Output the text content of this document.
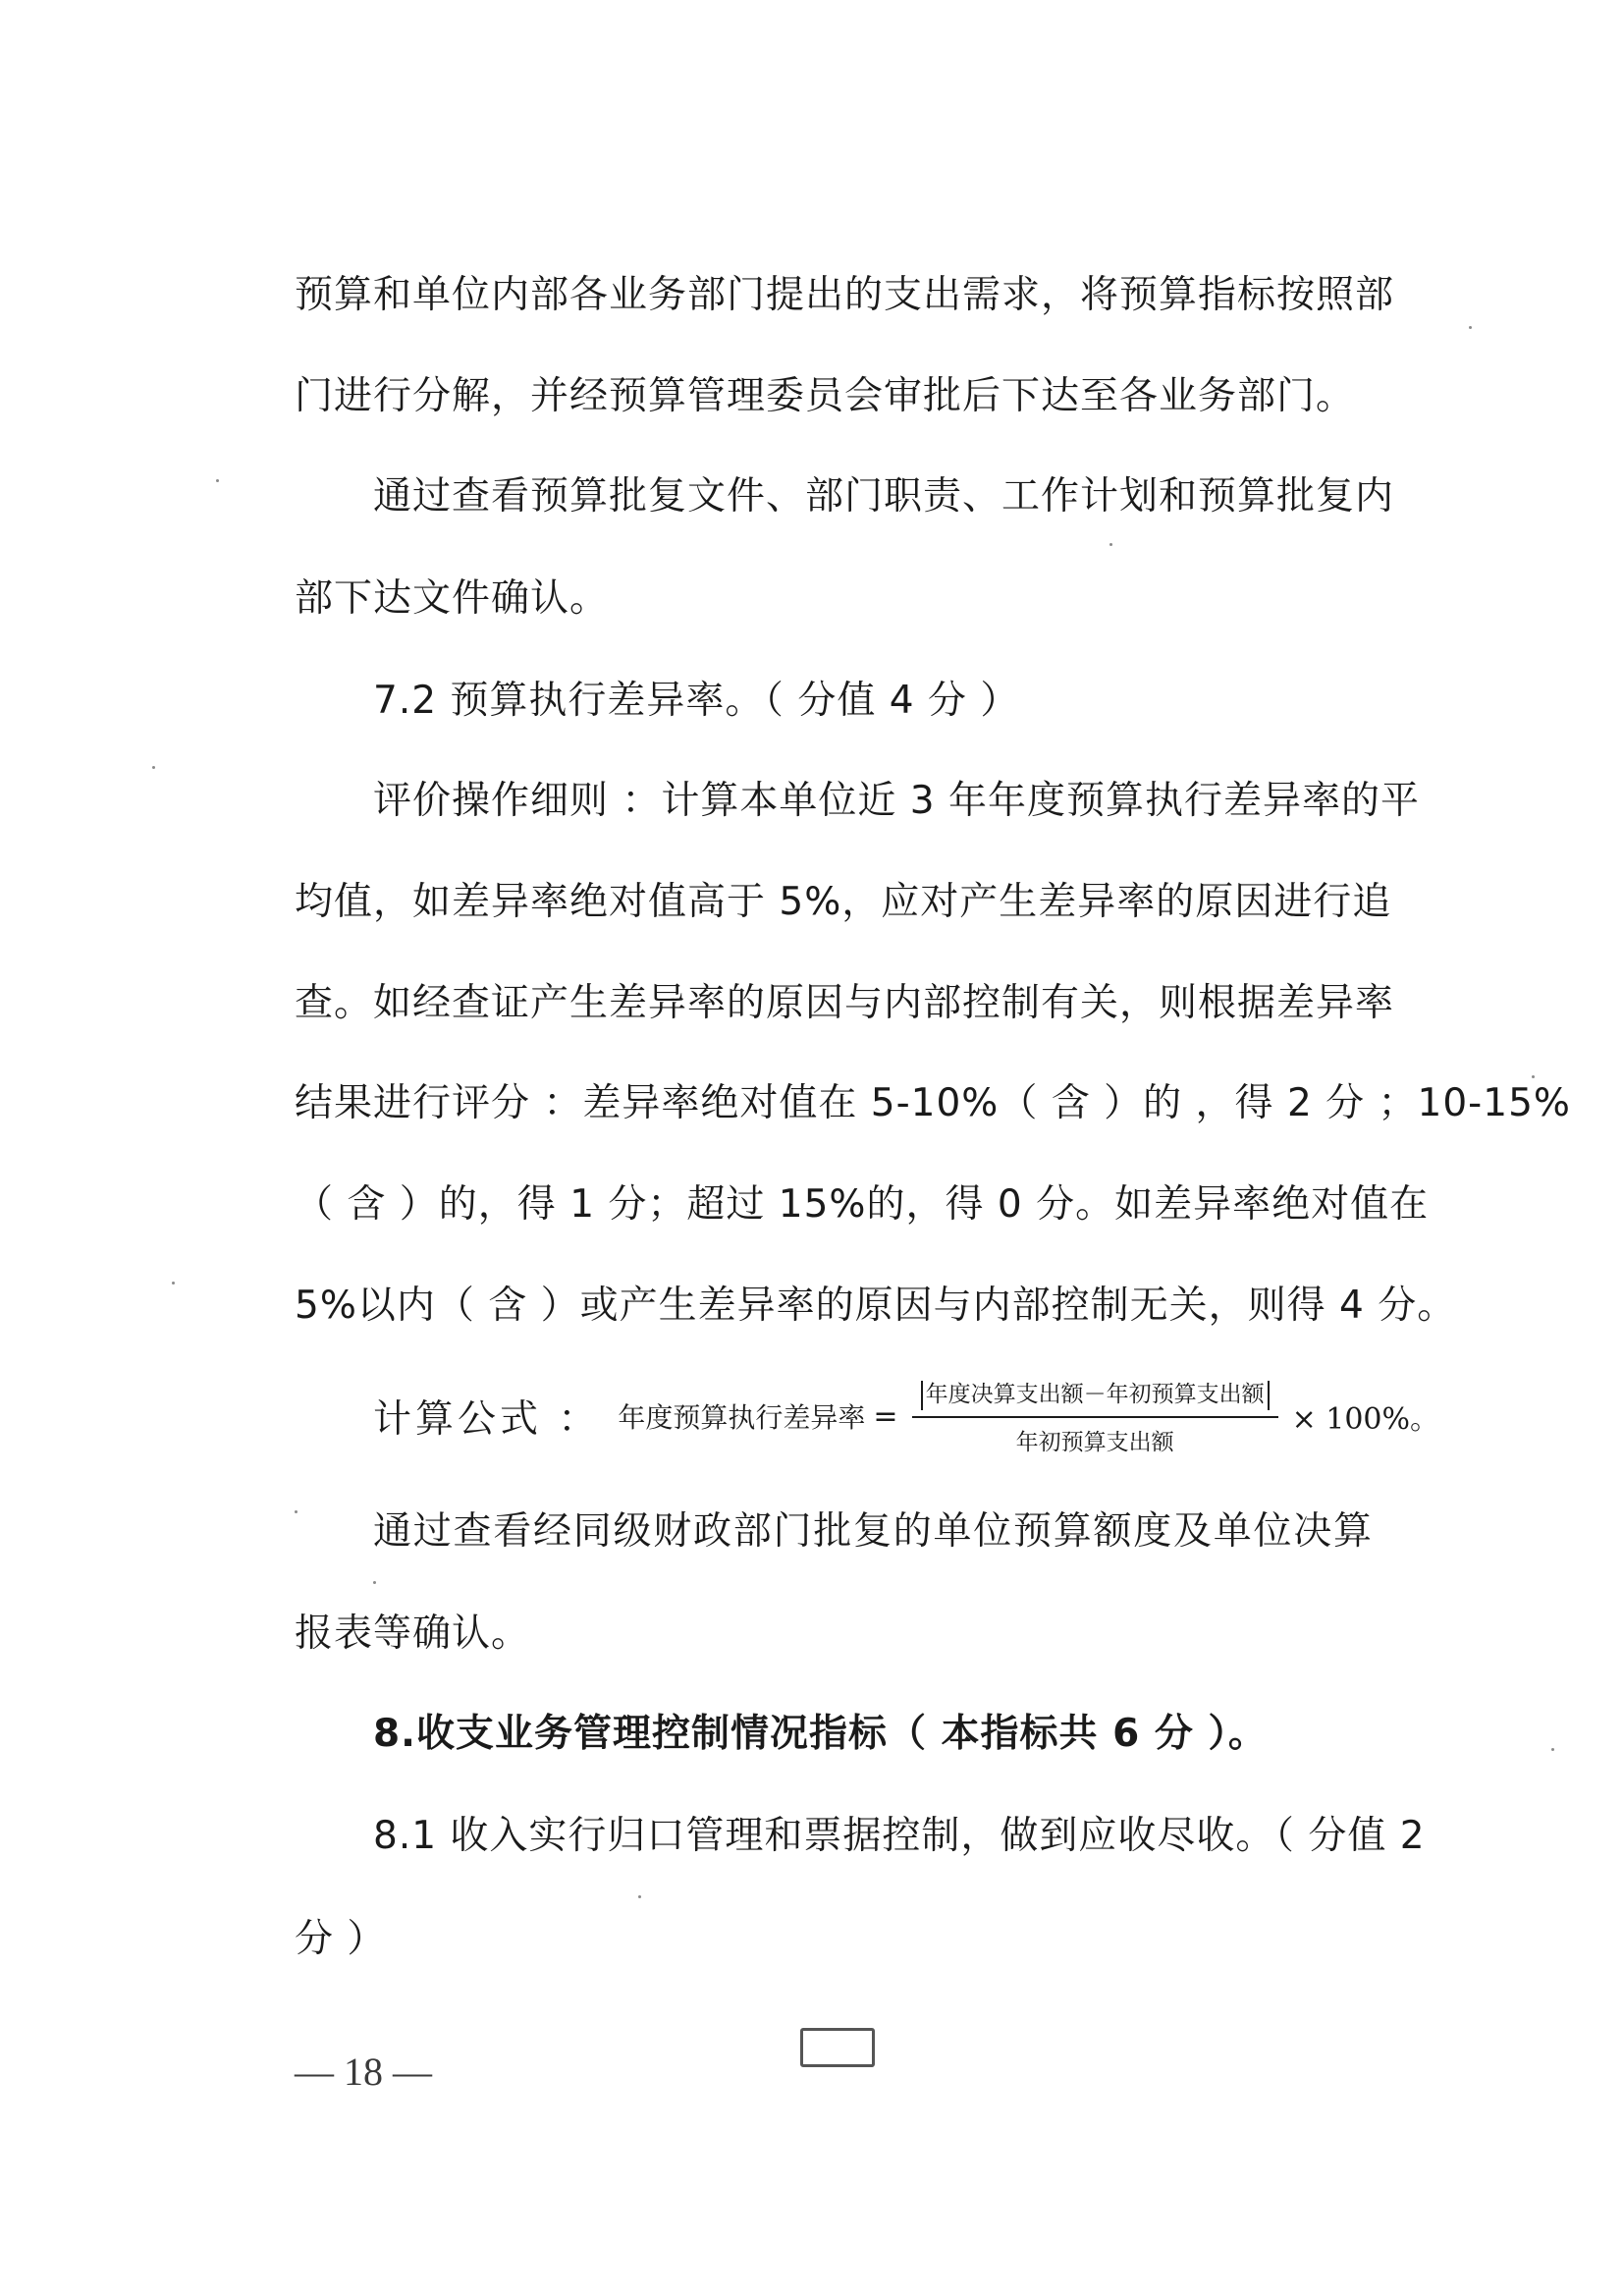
预算和单位内部各业务部门提出的支出需求，将预算指标按照部
门进行分解，并经预算管理委员会审批后下达至各业务部门。
通过查看预算批复文件、部门职责、工作计划和预算批复内
部下达文件确认。
7.2 预算执行差异率。（ 分值 4 分 ）
评价操作细则 ：计算本单位近 3 年年度预算执行差异率的平
均值，如差异率绝对值高于 5%，应对产生差异率的原因进行追
查。如经查证产生差异率的原因与内部控制有关，则根据差异率
结果进行评分 ：差异率绝对值在 5-10%（ 含 ）的 ，得 2 分 ；10-15%
（ 含 ）的，得 1 分；超过 15%的，得 0 分。如差异率绝对值在
5%以内（ 含 ）或产生差异率的原因与内部控制无关，则得 4 分。
计算公式 ： 年度预算执行差异率 = $\frac{\text{年度决算支出额－年初预算支出额}}{\text{年初预算支出额}} \times 100\%$。
通过查看经同级财政部门批复的单位预算额度及单位决算
报表等确认。
8.收支业务管理控制情况指标（ 本指标共 6 分 ）。
8.1 收入实行归口管理和票据控制，做到应收尽收。（ 分值 2
分 ）
— 18 —
